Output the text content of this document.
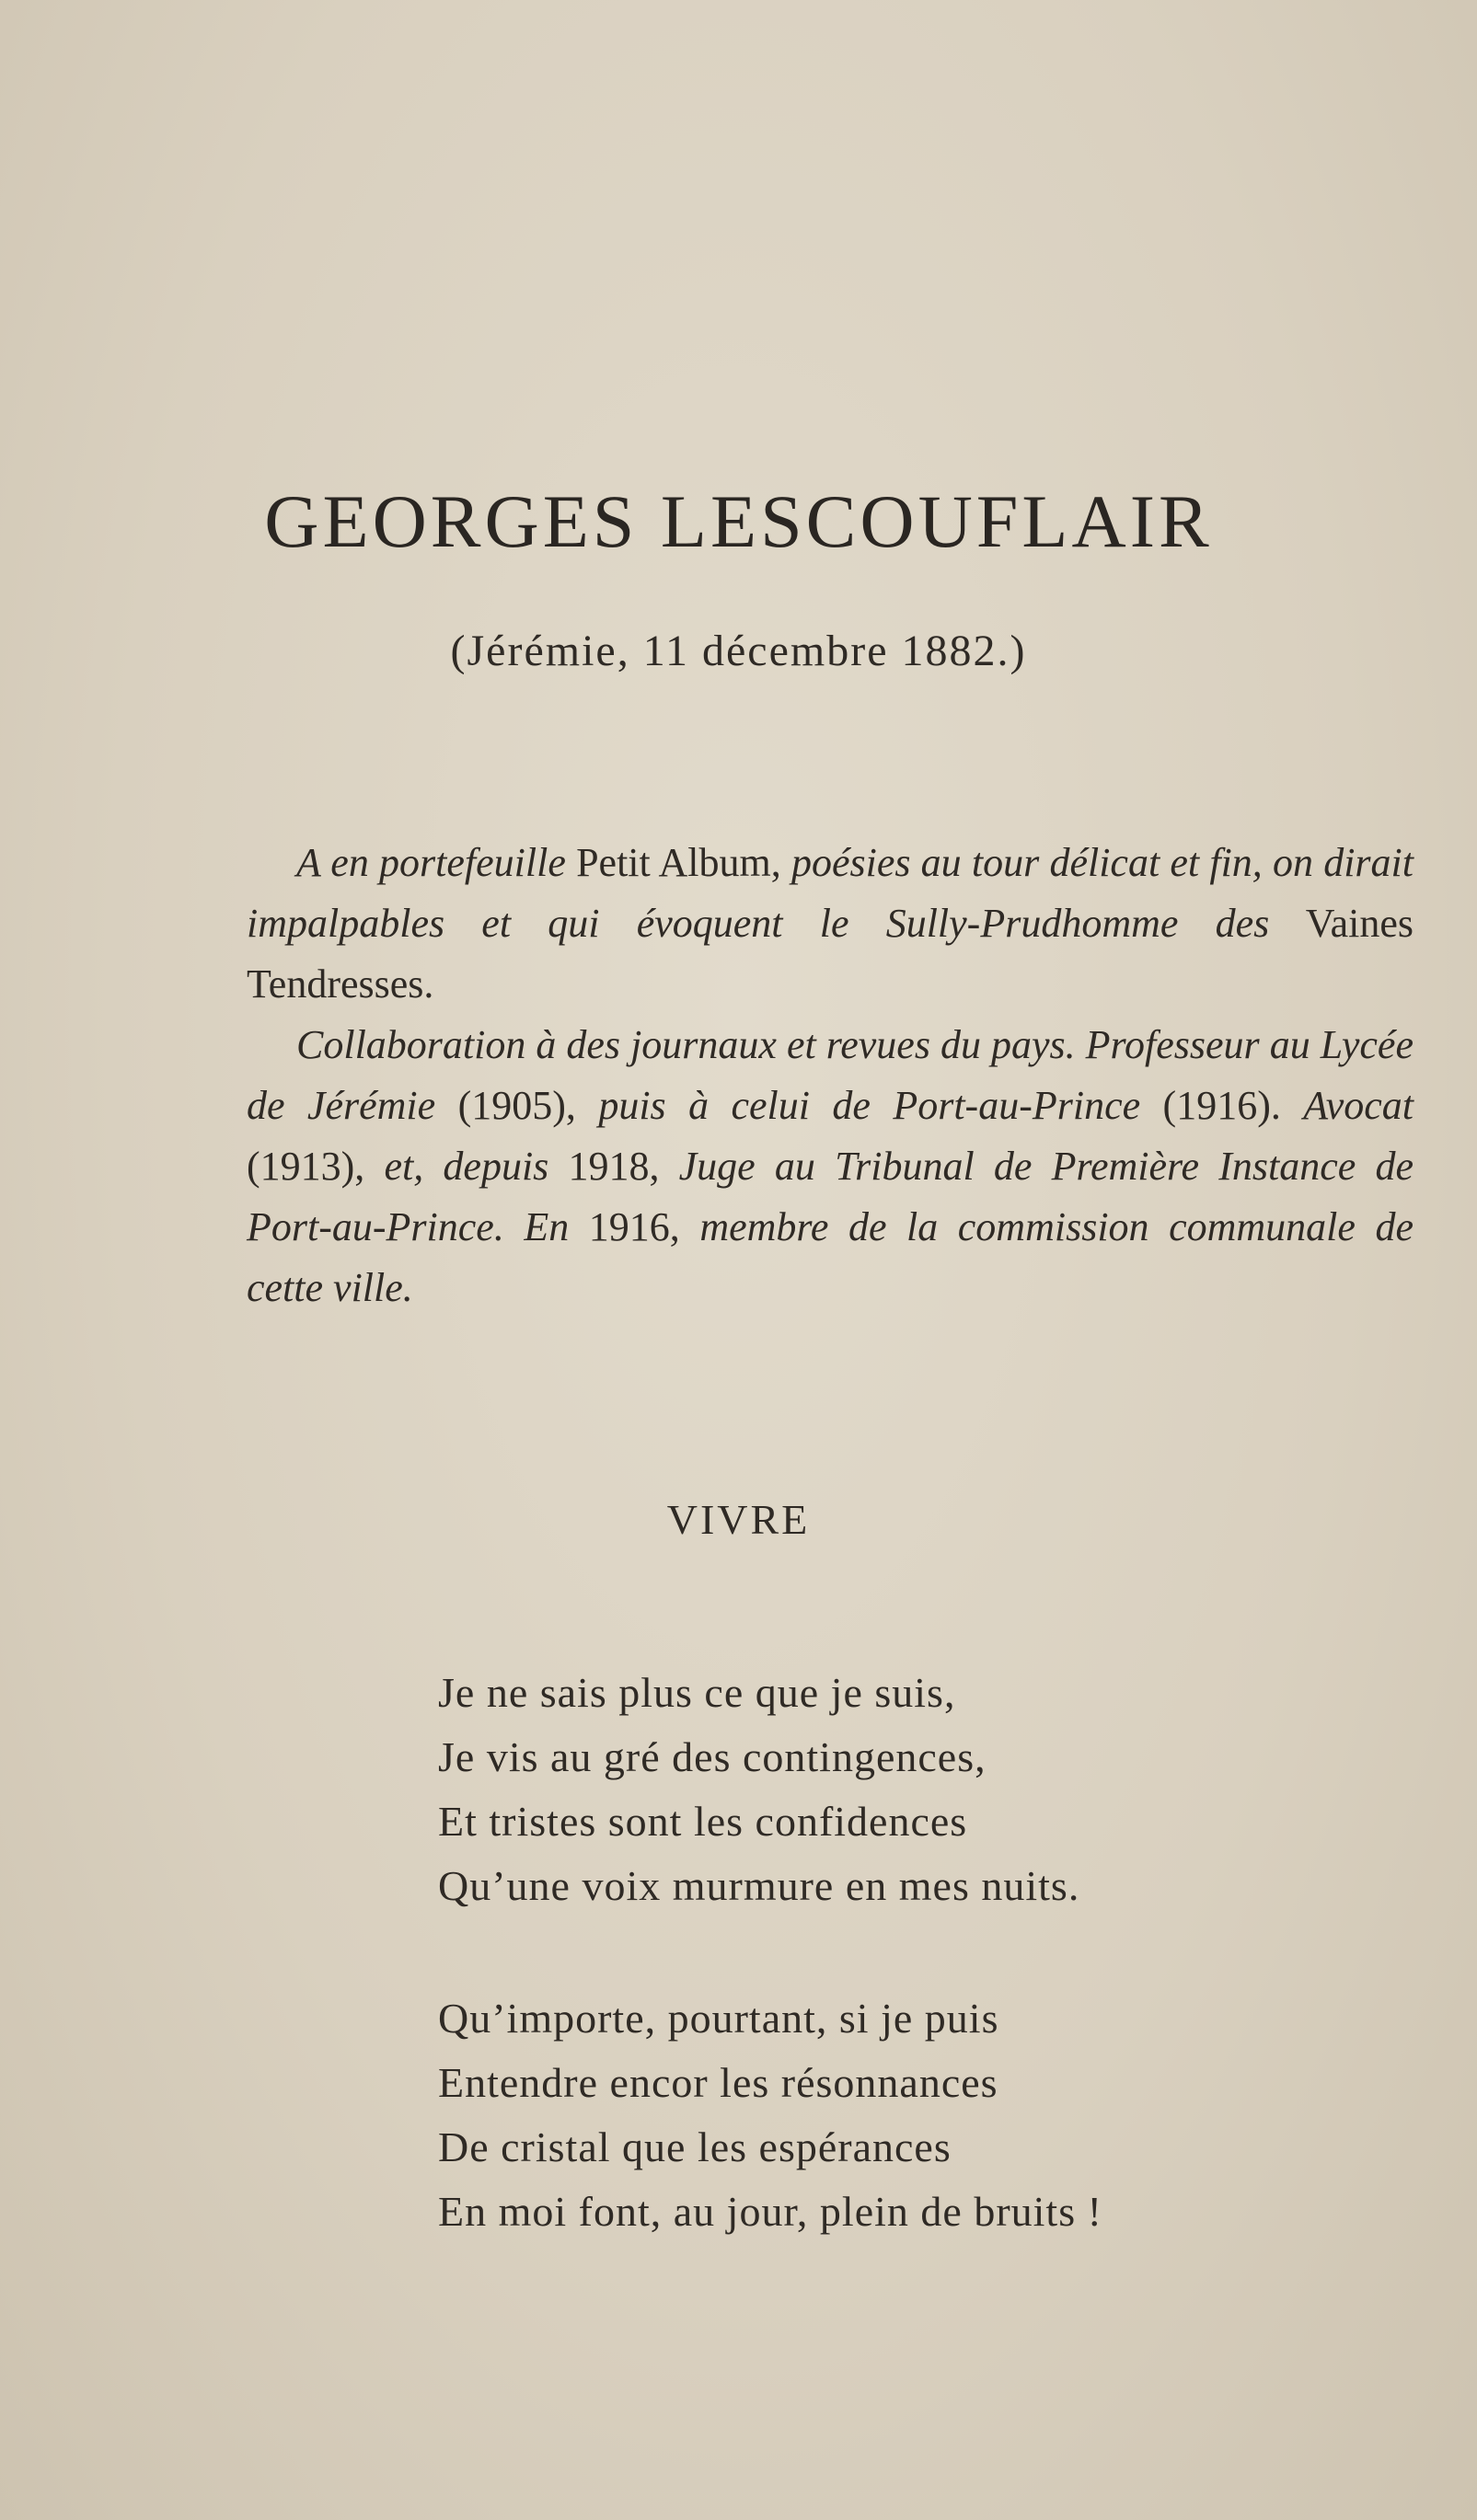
GEORGES LESCOUFLAIR
(Jérémie, 11 décembre 1882.)

A en portefeuille Petit Album, poésies au tour délicat et fin, on dirait impalpables et qui évoquent le Sully-Prudhomme des Vaines Tendresses.

Collaboration à des journaux et revues du pays. Professeur au Lycée de Jérémie (1905), puis à celui de Port-au-Prince (1916). Avocat (1913), et, depuis 1918, Juge au Tribunal de Première Instance de Port-au-Prince. En 1916, membre de la commission communale de cette ville.

VIVRE
Je ne sais plus ce que je suis,
Je vis au gré des contingences,
Et tristes sont les confidences
Qu’une voix murmure en mes nuits.
Qu’importe, pourtant, si je puis
Entendre encor les résonnances
De cristal que les espérances
En moi font, au jour, plein de bruits !
